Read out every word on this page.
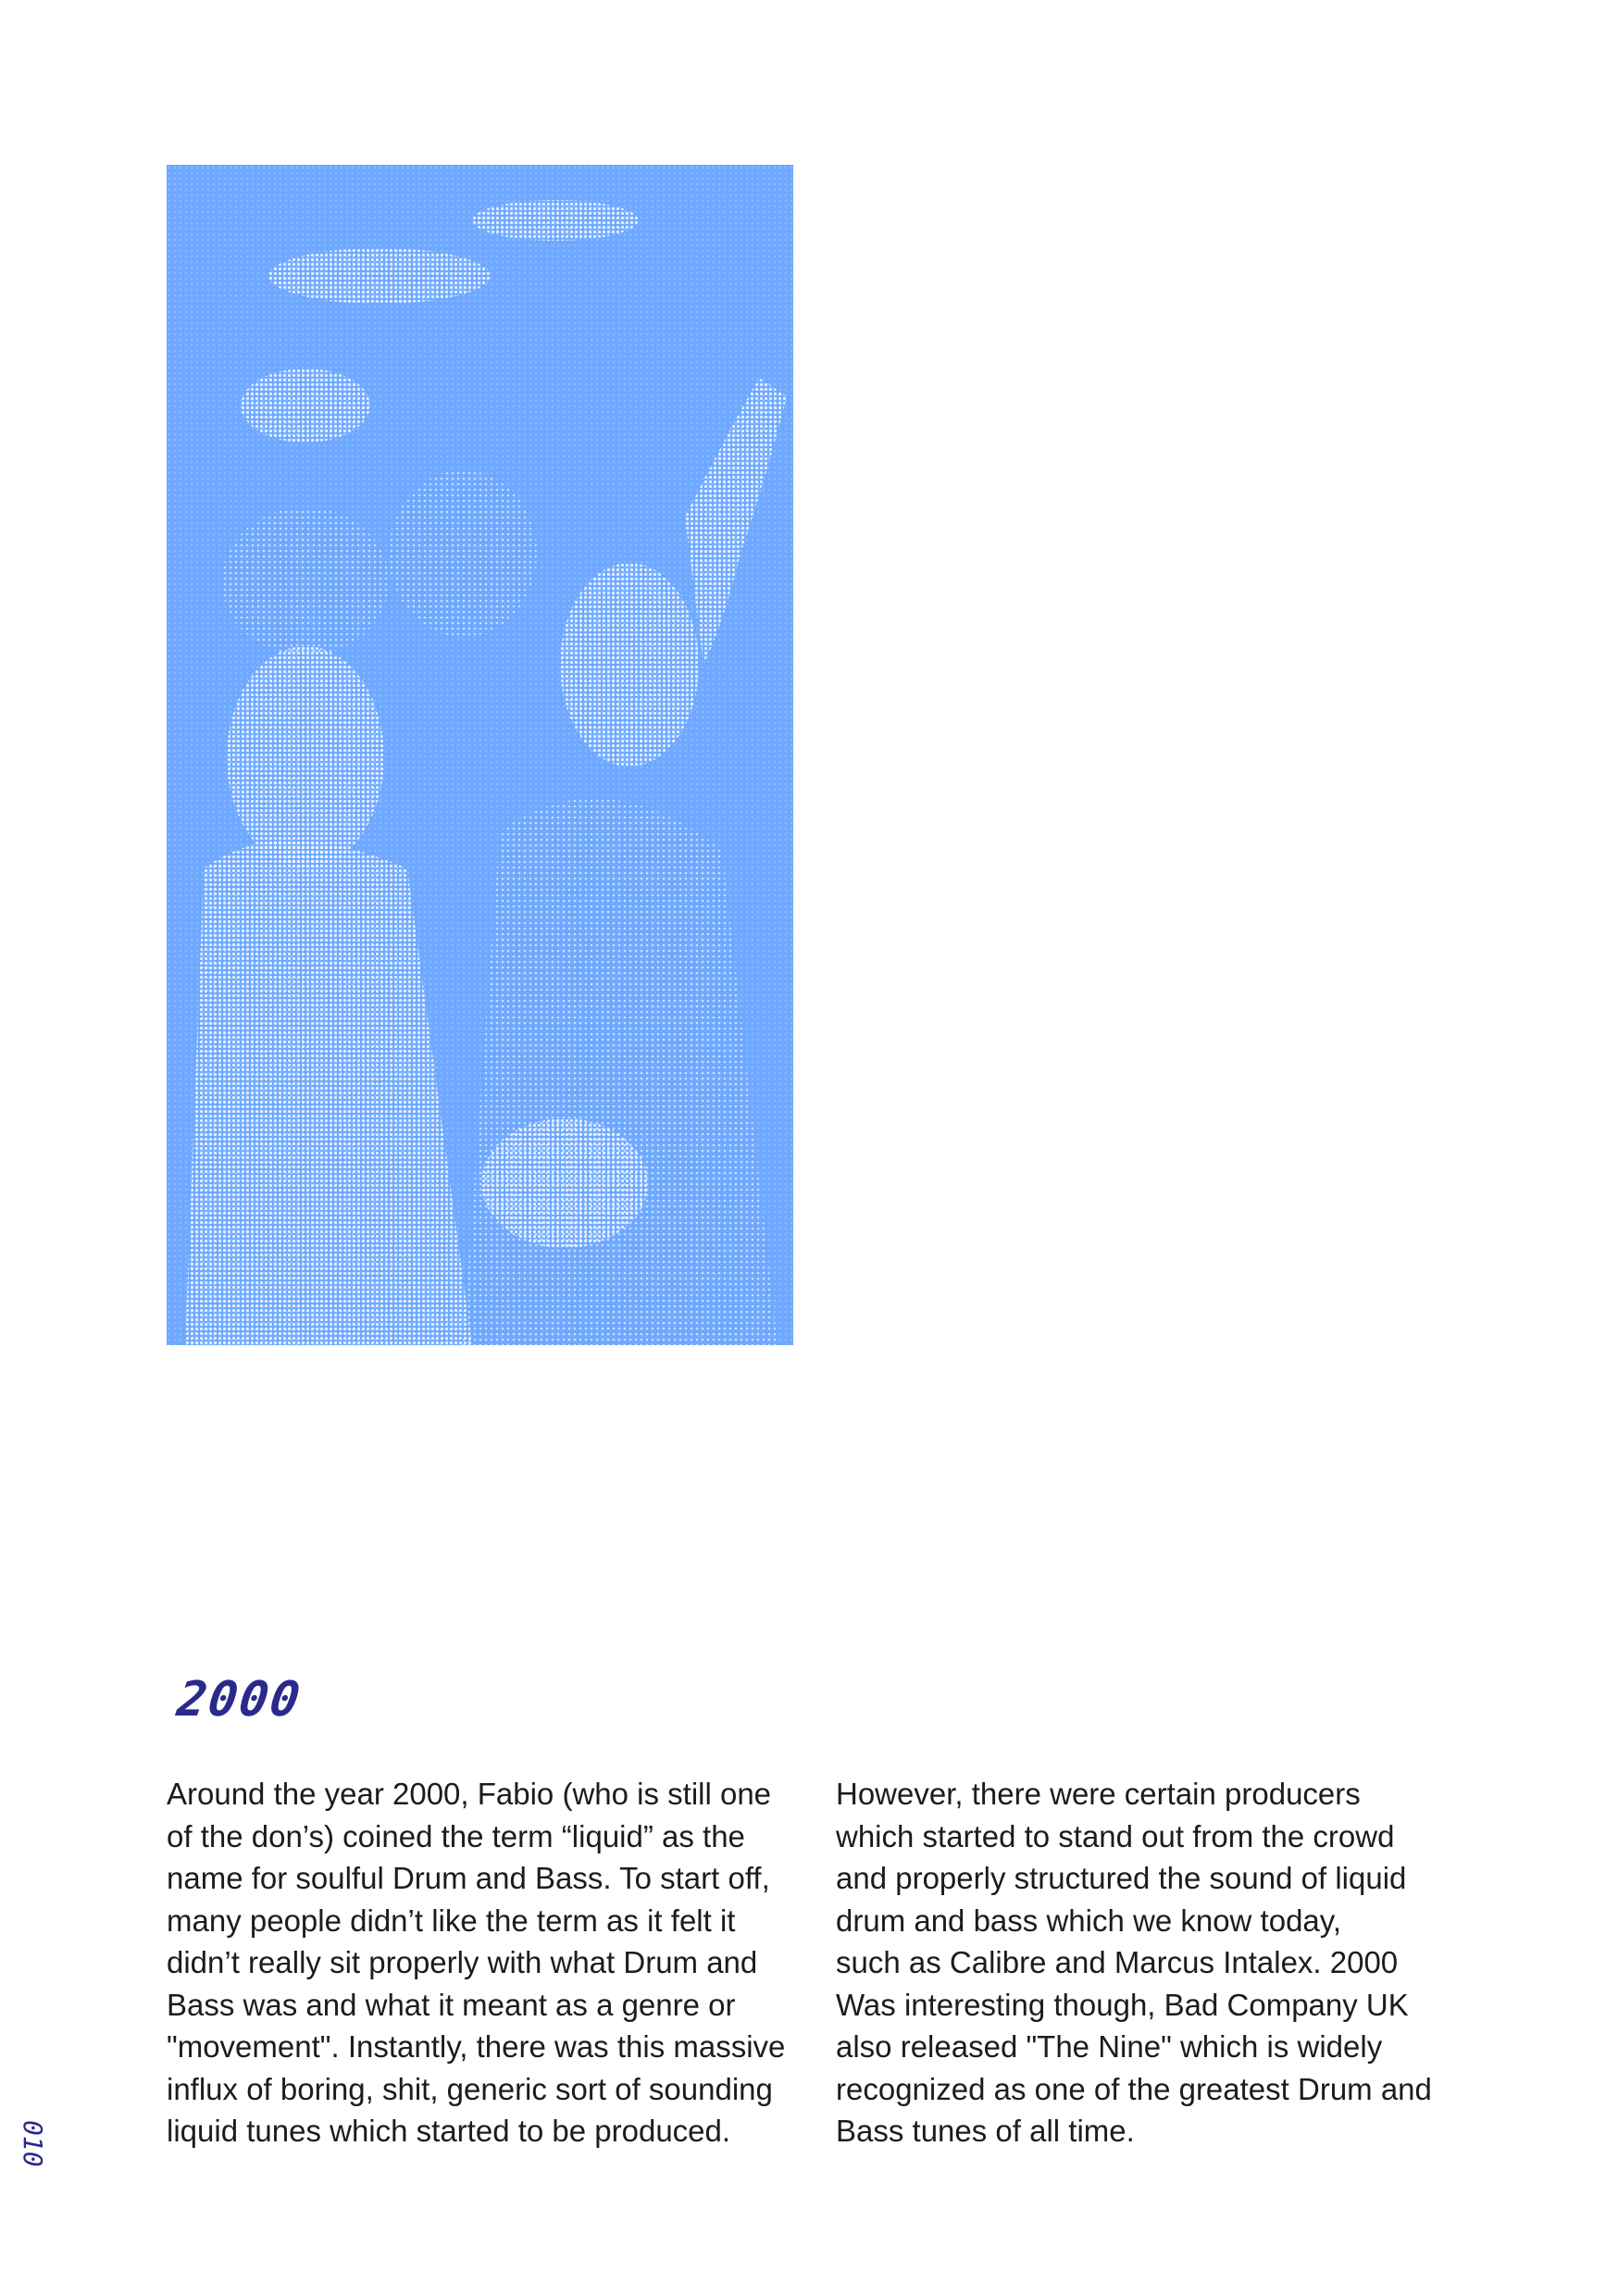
2000

Around the year 2000, Fabio (who is still one
of the don’s) coined the term “liquid” as the
name for soulful Drum and Bass. To start off,
many people didn’t like the term as it felt it
didn’t really sit properly with what Drum and
Bass was and what it meant as a genre or
"movement". Instantly, there was this massive
influx of boring, shit, generic sort of sounding
liquid tunes which started to be produced.

However, there were certain producers
which started to stand out from the crowd
and properly structured the sound of liquid
drum and bass which we know today,
such as Calibre and Marcus Intalex. 2000
Was interesting though, Bad Company UK
also released "The Nine" which is widely
recognized as one of the greatest Drum and
Bass tunes of all time.

010
